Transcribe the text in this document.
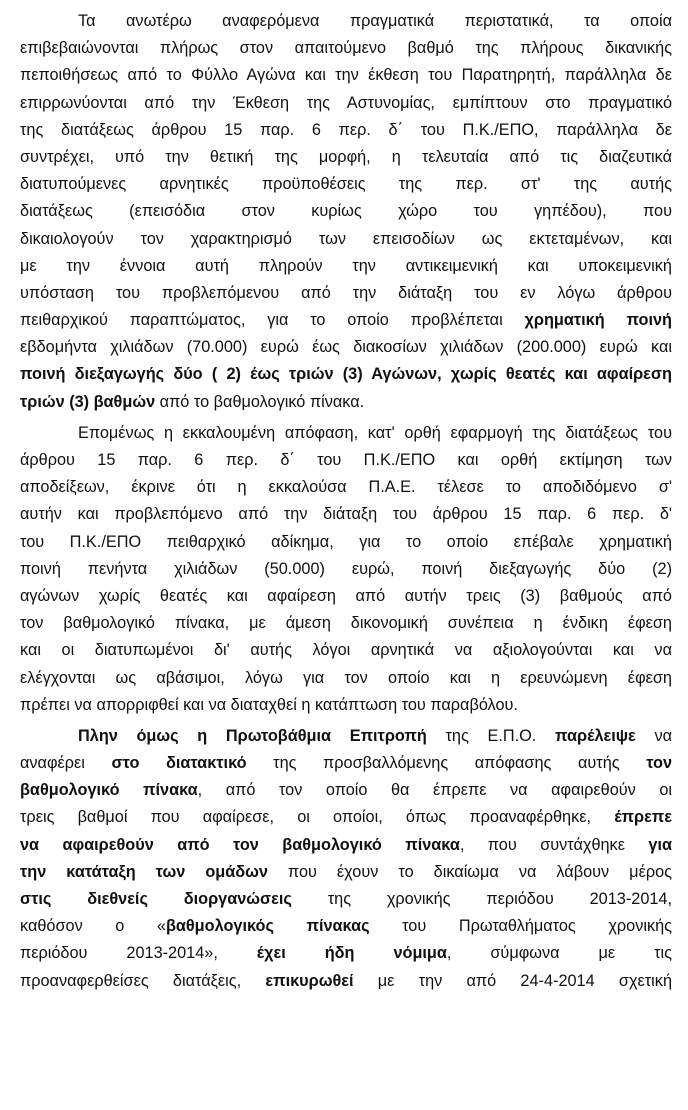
Τα ανωτέρω αναφερόμενα πραγματικά περιστατικά, τα οποία
επιβεβαιώνονται πλήρως στον απαιτούμενο βαθμό της πλήρους δικανικής
πεποιθήσεως από το Φύλλο Αγώνα και την έκθεση του Παρατηρητή, παράλληλα δε
επιρρωνύονται από την Έκθεση της Αστυνομίας, εμπίπτουν στο πραγματικό
της διατάξεως άρθρου 15 παρ. 6 περ. δ΄ του Π.Κ./ΕΠΟ, παράλληλα δε
συντρέχει, υπό την θετική της μορφή, η τελευταία από τις διαζευτικά
διατυπούμενες αρνητικές προϋποθέσεις της περ. στ' της αυτής
διατάξεως (επεισόδια στον κυρίως χώρο του γηπέδου), που
δικαιολογούν τον χαρακτηρισμό των επεισοδίων ως εκτεταμένων, και
με την έννοια αυτή πληρούν την αντικειμενική και υποκειμενική
υπόσταση του προβλεπόμενου από την διάταξη του εν λόγω άρθρου
πειθαρχικού παραπτώματος, για το οποίο προβλέπεται χρηματική ποινή
εβδομήντα χιλιάδων (70.000) ευρώ έως διακοσίων χιλιάδων (200.000) ευρώ και
ποινή διεξαγωγής δύο ( 2) έως τριών (3) Αγώνων, χωρίς θεατές και αφαίρεση
τριών (3) βαθμών από το βαθμολογικό πίνακα.
Επομένως η εκκαλουμένη απόφαση, κατ' ορθή εφαρμογή της διατάξεως του
άρθρου 15 παρ. 6 περ. δ΄ του Π.Κ./ΕΠΟ και ορθή εκτίμηση των
αποδείξεων, έκρινε ότι η εκκαλούσα Π.Α.Ε. τέλεσε το αποδιδόμενο σ'
αυτήν και προβλεπόμενο από την διάταξη του άρθρου 15 παρ. 6 περ. δ'
του Π.Κ./ΕΠΟ πειθαρχικό αδίκημα, για το οποίο επέβαλε χρηματική
ποινή πενήντα χιλιάδων (50.000) ευρώ, ποινή διεξαγωγής δύο (2)
αγώνων χωρίς θεατές και αφαίρεση από αυτήν τρεις (3) βαθμούς από
τον βαθμολογικό πίνακα, με άμεση δικονομική συνέπεια η ένδικη έφεση
και οι διατυπωμένοι δι' αυτής λόγοι αρνητικά να αξιολογούνται και να
ελέγχονται ως αβάσιμοι, λόγω για τον οποίο και η ερευνώμενη έφεση
πρέπει να απορριφθεί και να διαταχθεί η κατάπτωση του παραβόλου.
Πλην όμως η Πρωτοβάθμια Επιτροπή της Ε.Π.Ο. παρέλειψε να
αναφέρει στο διατακτικό της προσβαλλόμενης απόφασης αυτής τον
βαθμολογικό πίνακα, από τον οποίο θα έπρεπε να αφαιρεθούν οι
τρεις βαθμοί που αφαίρεσε, οι οποίοι, όπως προαναφέρθηκε, έπρεπε
να αφαιρεθούν από τον βαθμολογικό πίνακα, που συντάχθηκε για
την κατάταξη των ομάδων που έχουν το δικαίωμα να λάβουν μέρος
στις διεθνείς διοργανώσεις της χρονικής περιόδου 2013-2014,
καθόσον ο «βαθμολογικός πίνακας του Πρωταθλήματος χρονικής
περιόδου 2013-2014», έχει ήδη νόμιμα, σύμφωνα με τις
προαναφερθείσες διατάξεις, επικυρωθεί με την από 24-4-2014 σχετική
